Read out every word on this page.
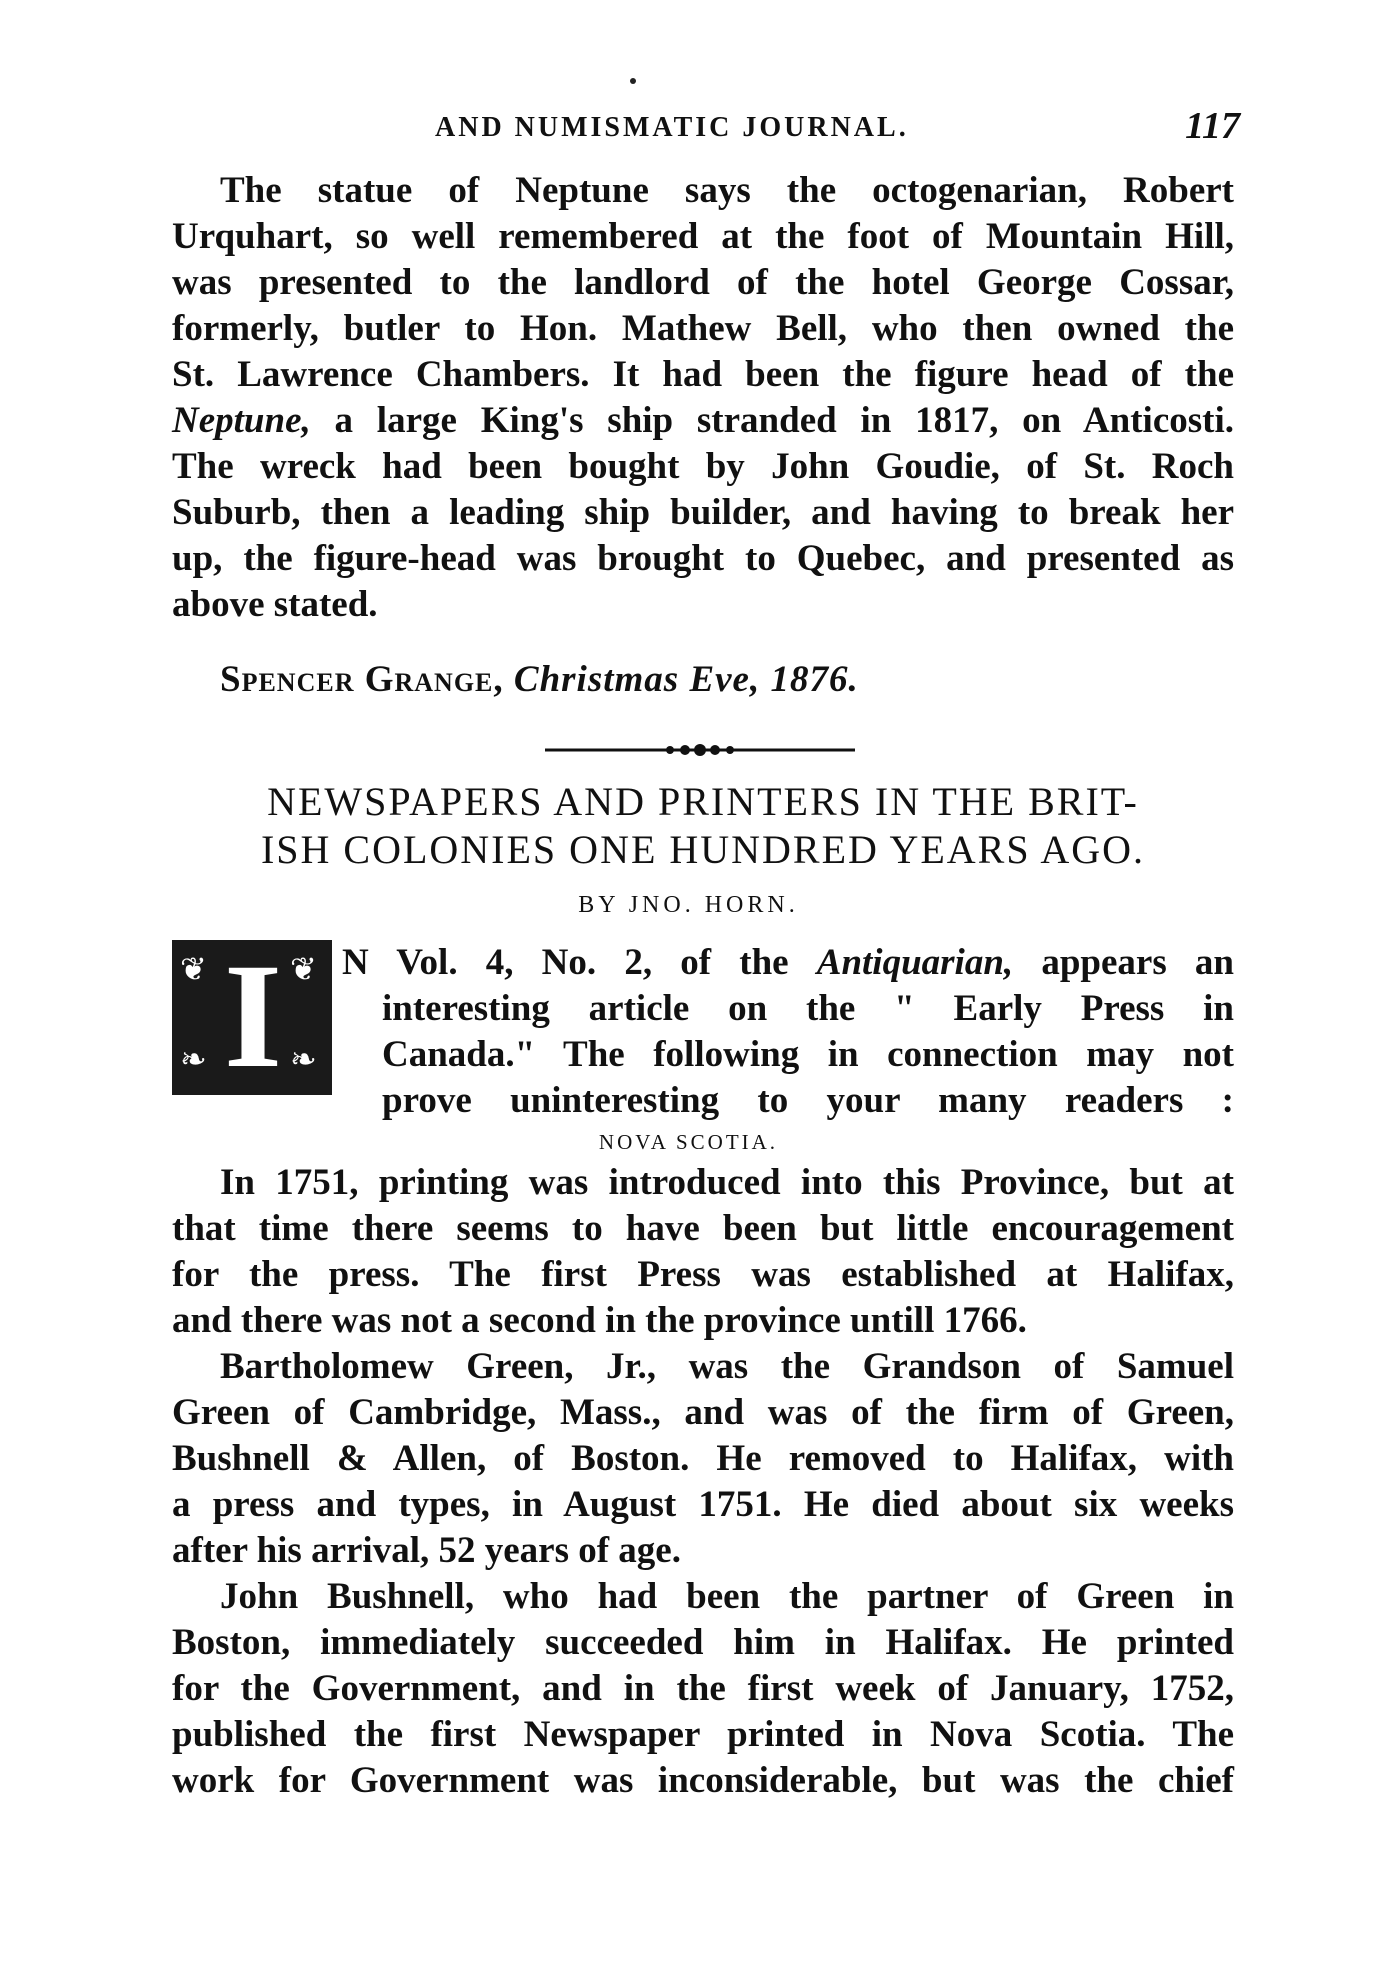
AND NUMISMATIC JOURNAL.	117
The statue of Neptune says the octogenarian, Robert
Urquhart, so well remembered at the foot of Mountain Hill,
was presented to the landlord of the hotel George Cossar,
formerly, butler to Hon. Mathew Bell, who then owned the
St. Lawrence Chambers. It had been the figure head of the
Neptune, a large King's ship stranded in 1817, on Anticosti.
The wreck had been bought by John Goudie, of St. Roch
Suburb, then a leading ship builder, and having to break her
up, the figure-head was brought to Quebec, and presented as
above stated.
Spencer Grange, Christmas Eve, 1876.
NEWSPAPERS AND PRINTERS IN THE BRIT-
ISH COLONIES ONE HUNDRED YEARS AGO.
BY JNO. HORN.
❦	❦
❧	❧
I	N Vol. 4, No. 2, of the Antiquarian, appears an
interesting article on the " Early Press in
Canada." The following in connection may not
prove uninteresting to your many readers :
NOVA SCOTIA.
In 1751, printing was introduced into this Province, but at
that time there seems to have been but little encouragement
for the press. The first Press was established at Halifax,
and there was not a second in the province untill 1766.
Bartholomew Green, Jr., was the Grandson of Samuel
Green of Cambridge, Mass., and was of the firm of Green,
Bushnell & Allen, of Boston. He removed to Halifax, with
a press and types, in August 1751. He died about six weeks
after his arrival, 52 years of age.
John Bushnell, who had been the partner of Green in
Boston, immediately succeeded him in Halifax. He printed
for the Government, and in the first week of January, 1752,
published the first Newspaper printed in Nova Scotia. The
work for Government was inconsiderable, but was the chief
